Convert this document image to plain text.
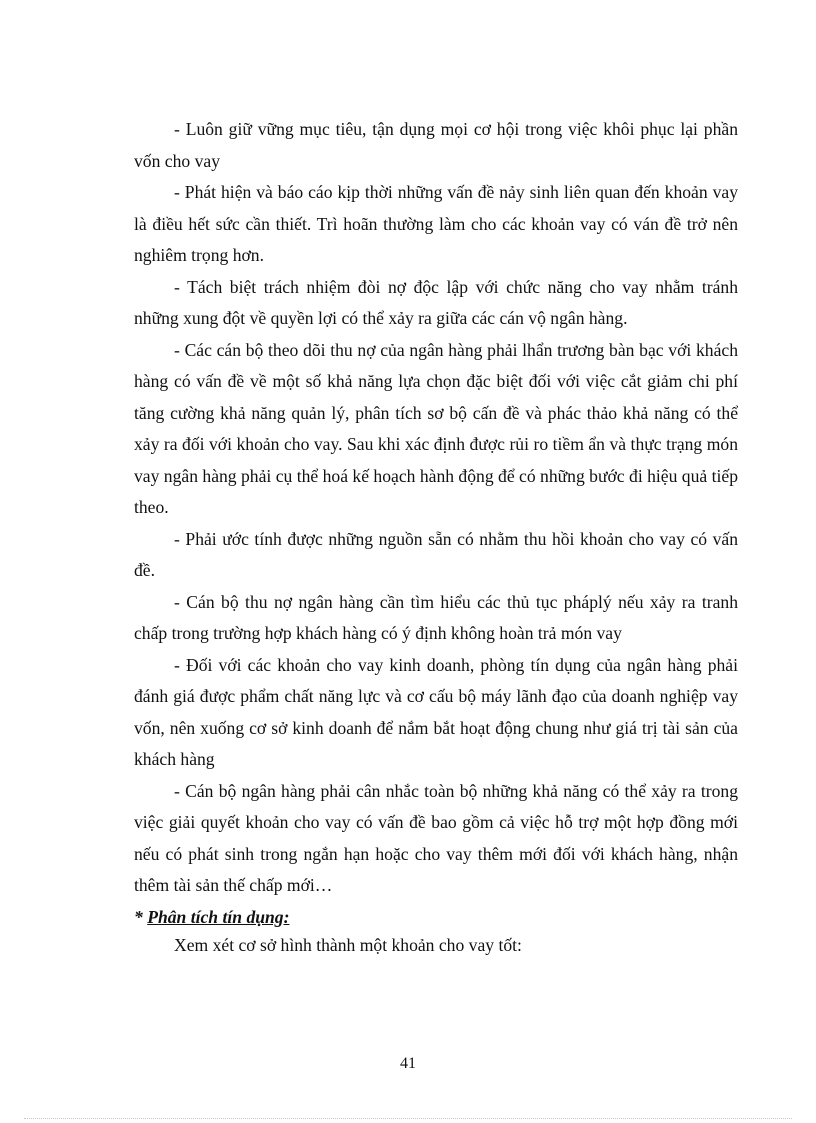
- Luôn giữ vững mục tiêu, tận dụng mọi cơ hội trong việc khôi phục lại phần vốn cho vay

- Phát hiện và báo cáo kịp thời những vấn đề nảy sinh liên quan đến khoản vay là điều hết sức cần thiết. Trì hoãn thường làm cho các khoản vay có ván đề trở nên nghiêm trọng hơn.

- Tách biệt trách nhiệm đòi nợ độc lập với chức năng cho vay nhằm tránh những xung đột về quyền lợi có thể xảy ra giữa các cán vộ ngân hàng.

- Các cán bộ theo dõi thu nợ của ngân hàng phải lhẩn trương bàn bạc với khách hàng có vấn đề về một số khả năng lựa chọn đặc biệt đối với việc cắt giảm chi phí tăng cường khả năng quản lý, phân tích sơ bộ cấn đề và phác thảo khả năng có thể xảy ra đối với khoản cho vay. Sau khi xác định được rủi ro tiềm ẩn và thực trạng món vay ngân hàng phải cụ thể hoá kế hoạch hành động để có những bước đi hiệu quả tiếp theo.

- Phải ước tính được những nguồn sẵn có nhằm thu hồi khoản cho vay có vấn đề.

- Cán bộ thu nợ ngân hàng cần tìm hiểu các thủ tục pháplý nếu xảy ra tranh chấp trong trường hợp khách hàng có ý định không hoàn trả món vay

- Đối với các khoản cho vay kinh doanh, phòng tín dụng của ngân hàng phải đánh giá được phẩm chất năng lực và cơ cấu bộ máy lãnh đạo của doanh nghiệp vay vốn, nên xuống cơ sở kinh doanh để nắm bắt hoạt động chung như giá trị tài sản của khách hàng

- Cán bộ ngân hàng phải cân nhắc toàn bộ những khả năng có thể xảy ra trong việc giải quyết khoản cho vay có vấn đề bao gồm cả việc hỗ trợ một hợp đồng mới nếu có phát sinh trong ngắn hạn hoặc cho vay thêm mới đối với khách hàng, nhận thêm tài sản thế chấp mới…

* Phân tích tín dụng:

Xem xét cơ sở hình thành một khoản cho vay tốt:

41
